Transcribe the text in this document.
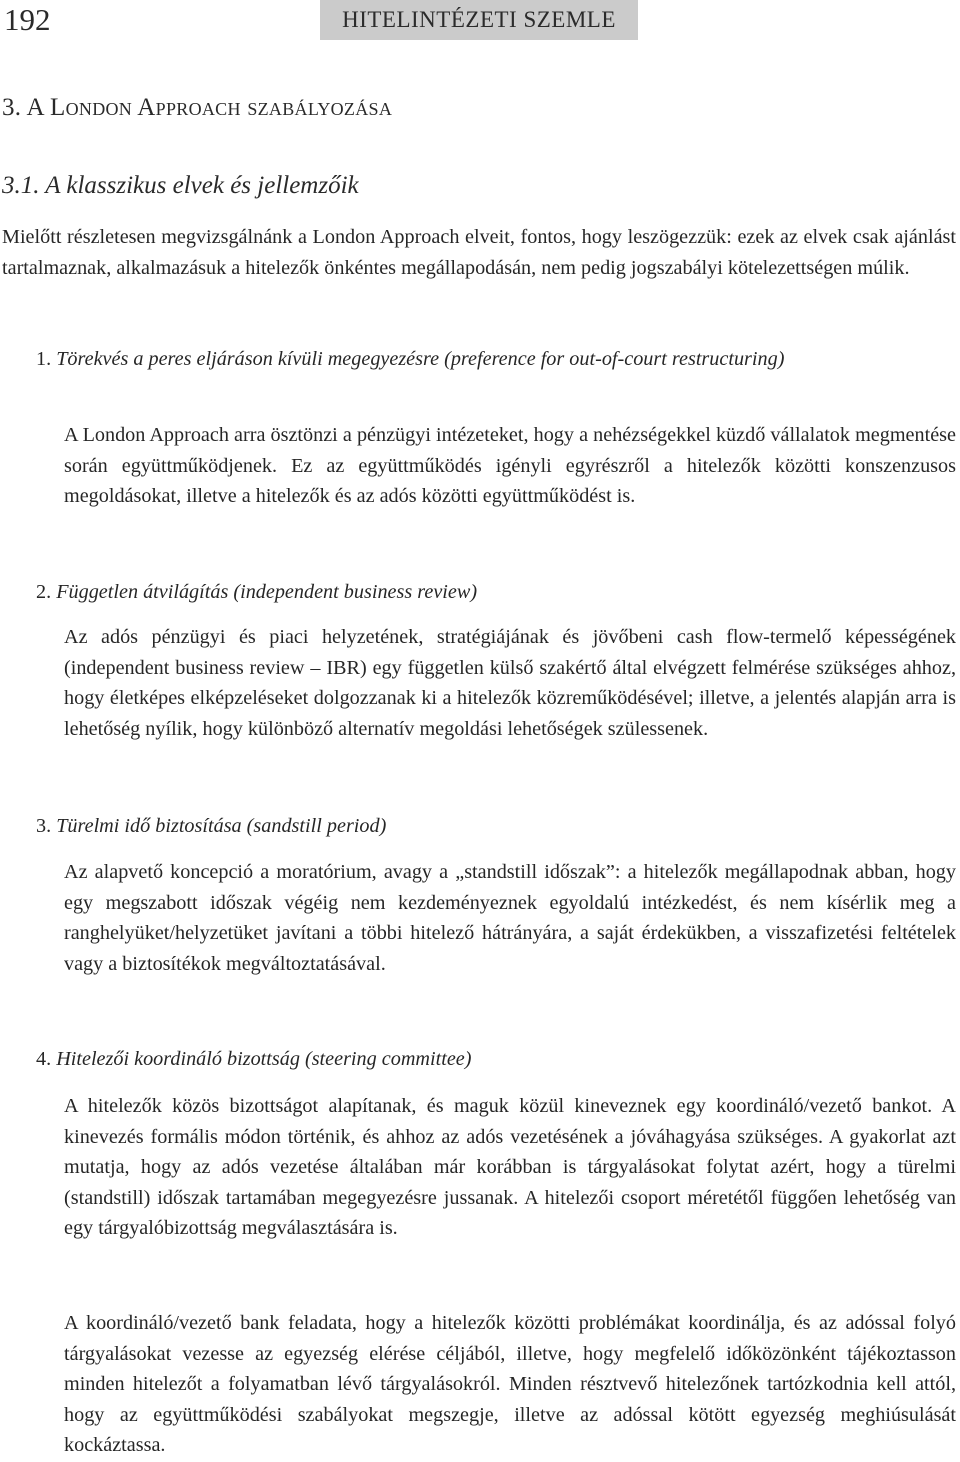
192	HITELINTÉZETI SZEMLE
3. A London Approach szabályozása
3.1. A klasszikus elvek és jellemzőik

Mielőtt részletesen megvizsgálnánk a London Approach elveit, fontos, hogy leszögezzük: ezek az elvek csak ajánlást tartalmaznak, alkalmazásuk a hitelezők önkéntes megállapodásán, nem pedig jogszabályi kötelezettségen múlik.

1. Törekvés a peres eljáráson kívüli megegyezésre (preference for out-of-court restructuring)

A London Approach arra ösztönzi a pénzügyi intézeteket, hogy a nehézségekkel küzdő vállalatok megmentése során együttműködjenek. Ez az együttműködés igényli egyrészről a hitelezők közötti konszenzusos megoldásokat, illetve a hitelezők és az adós közötti együttműködést is.

2. Független átvilágítás (independent business review)

Az adós pénzügyi és piaci helyzetének, stratégiájának és jövőbeni cash flow-termelő képességének (independent business review – IBR) egy független külső szakértő által elvégzett felmérése szükséges ahhoz, hogy életképes elképzeléseket dolgozzanak ki a hitelezők közreműködésével; illetve, a jelentés alapján arra is lehetőség nyílik, hogy különböző alternatív megoldási lehetőségek szülessenek.

3. Türelmi idő biztosítása (sandstill period)

Az alapvető koncepció a moratórium, avagy a „standstill időszak”: a hitelezők megállapodnak abban, hogy egy megszabott időszak végéig nem kezdeményeznek egyoldalú intézkedést, és nem kísérlik meg a ranghelyüket/helyzetüket javítani a többi hitelező hátrányára, a saját érdekükben, a visszafizetési feltételek vagy a biztosítékok megváltoztatásával.

4. Hitelezői koordináló bizottság (steering committee)

A hitelezők közös bizottságot alapítanak, és maguk közül kineveznek egy koordináló/vezető bankot. A kinevezés formális módon történik, és ahhoz az adós vezetésének a jóváhagyása szükséges. A gyakorlat azt mutatja, hogy az adós vezetése általában már korábban is tárgyalásokat folytat azért, hogy a türelmi (standstill) időszak tartamában megegyezésre jussanak. A hitelezői csoport méretétől függően lehetőség van egy tárgyalóbizottság megválasztására is.

A koordináló/vezető bank feladata, hogy a hitelezők közötti problémákat koordinálja, és az adóssal folyó tárgyalásokat vezesse az egyezség elérése céljából, illetve, hogy megfelelő időközönként tájékoztasson minden hitelezőt a folyamatban lévő tárgyalásokról. Minden résztvevő hitelezőnek tartózkodnia kell attól, hogy az együttműködési szabályokat megszegje, illetve az adóssal kötött egyezség meghiúsulását kockáztassa.
